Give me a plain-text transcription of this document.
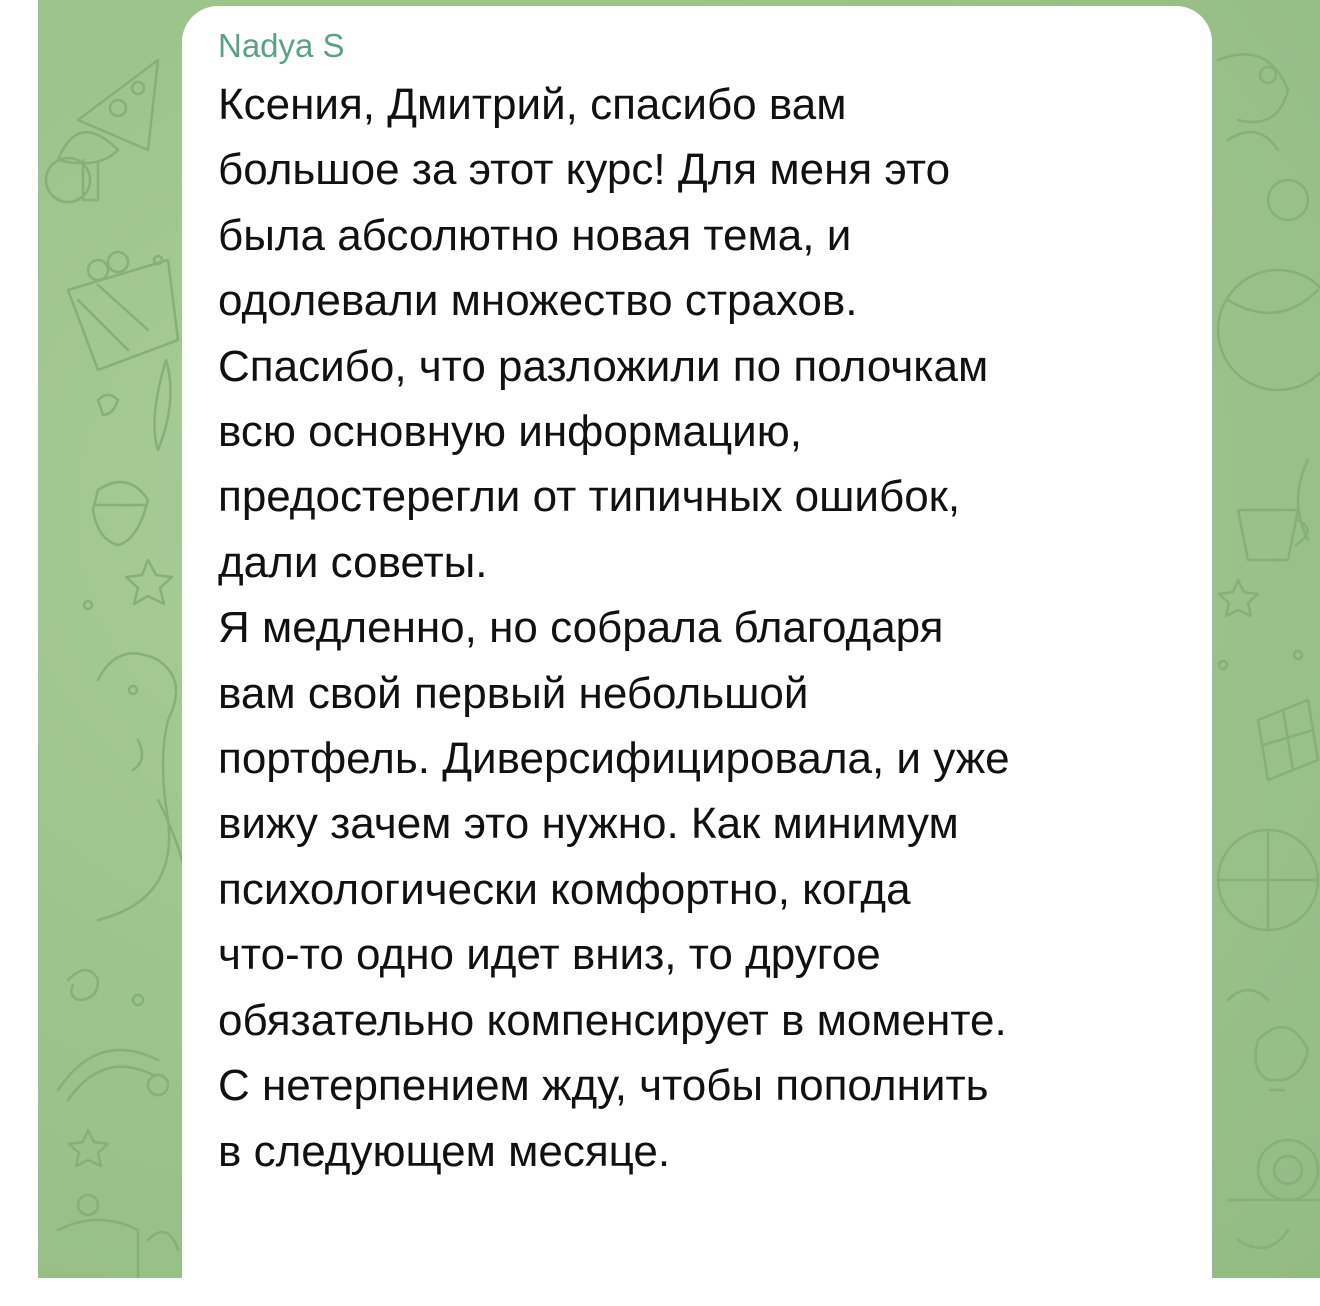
Nadya S

Ксения, Дмитрий, спасибо вам
большое за этот курс! Для меня это
была абсолютно новая тема, и
одолевали множество страхов.
Спасибо, что разложили по полочкам
всю основную информацию,
предостерегли от типичных ошибок,
дали советы.
Я медленно, но собрала благодаря
вам свой первый небольшой
портфель. Диверсифицировала, и уже
вижу зачем это нужно. Как минимум
психологически комфортно, когда
что-то одно идет вниз, то другое
обязательно компенсирует в моменте.
С нетерпением жду, чтобы пополнить
в следующем месяце.
